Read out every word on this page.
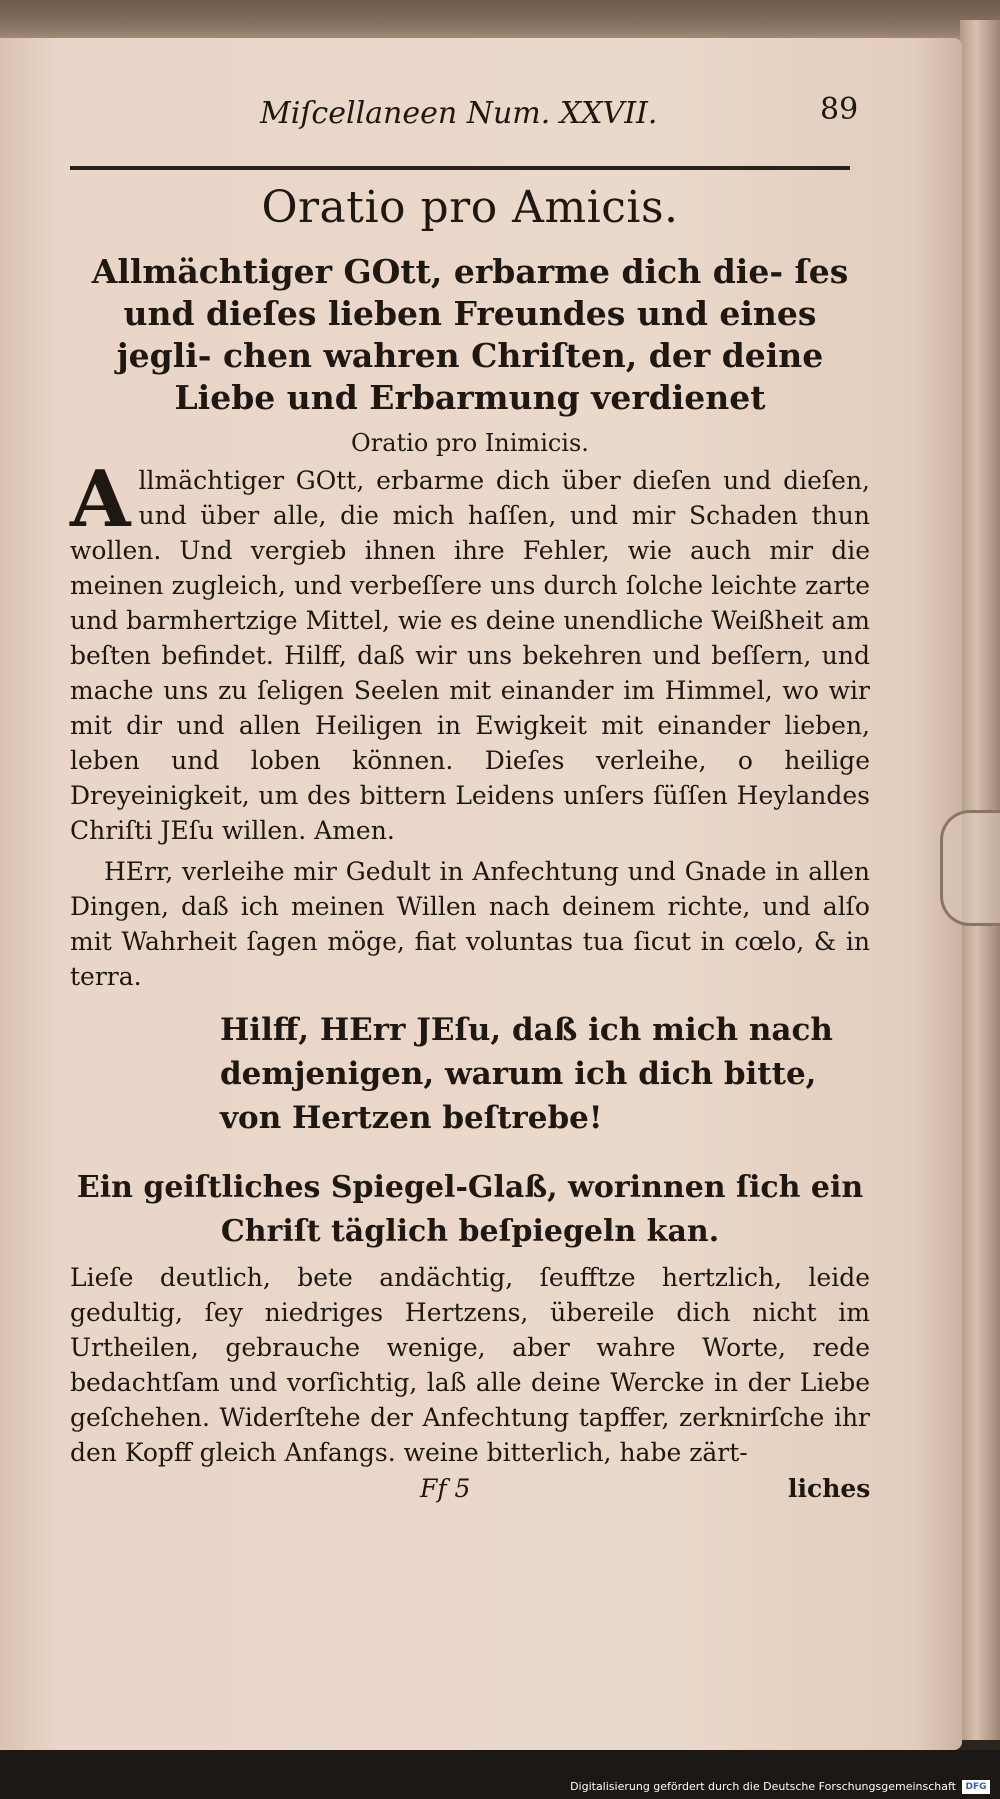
Miſcellaneen Num. XXVII.	89
Oratio pro Amicis.
Allmächtiger GOtt, erbarme dich die- ſes und dieſes lieben Freundes und eines jegli- chen wahren Chriſten, der deine Liebe und Erbarmung verdienet
Oratio pro Inimicis.
Allmächtiger GOtt, erbarme dich über dieſen und dieſen, und über alle, die mich haſſen, und mir Schaden thun wollen. Und vergieb ihnen ihre Fehler, wie auch mir die meinen zugleich, und verbeſſere uns durch ſolche leichte zarte und barmhertzige Mittel, wie es deine unendliche Weißheit am beſten befindet. Hilff, daß wir uns bekehren und beſſern, und mache uns zu ſeligen Seelen mit einander im Himmel, wo wir mit dir und allen Heiligen in Ewigkeit mit einander lieben, leben und loben können. Dieſes verleihe, o heilige Dreyeinigkeit, um des bittern Leidens unſers ſüſſen Heylandes Chriſti JEſu willen. Amen.
HErr, verleihe mir Gedult in Anfechtung und Gnade in allen Dingen, daß ich meinen Willen nach deinem richte, und alſo mit Wahrheit ſagen möge, fiat voluntas tua ſicut in cœlo, & in terra.
Hilff, HErr JEſu, daß ich mich nach demjenigen, warum ich dich bitte, von Hertzen beſtrebe!
Ein geiſtliches Spiegel-Glaß, worinnen ſich ein Chriſt täglich beſpiegeln kan.
Lieſe deutlich, bete andächtig, ſeufftze hertzlich, leide gedultig, ſey niedriges Hertzens, übereile dich nicht im Urtheilen, gebrauche wenige, aber wahre Worte, rede bedachtſam und vorſichtig, laß alle deine Wercke in der Liebe geſchehen. Widerſtehe der Anfechtung tapffer, zerknirſche ihr den Kopff gleich Anfangs. weine bitterlich, habe zärt-
Ff 5	liches
Digitalisierung gefördert durch die Deutsche Forschungsgemeinschaft	DFG
